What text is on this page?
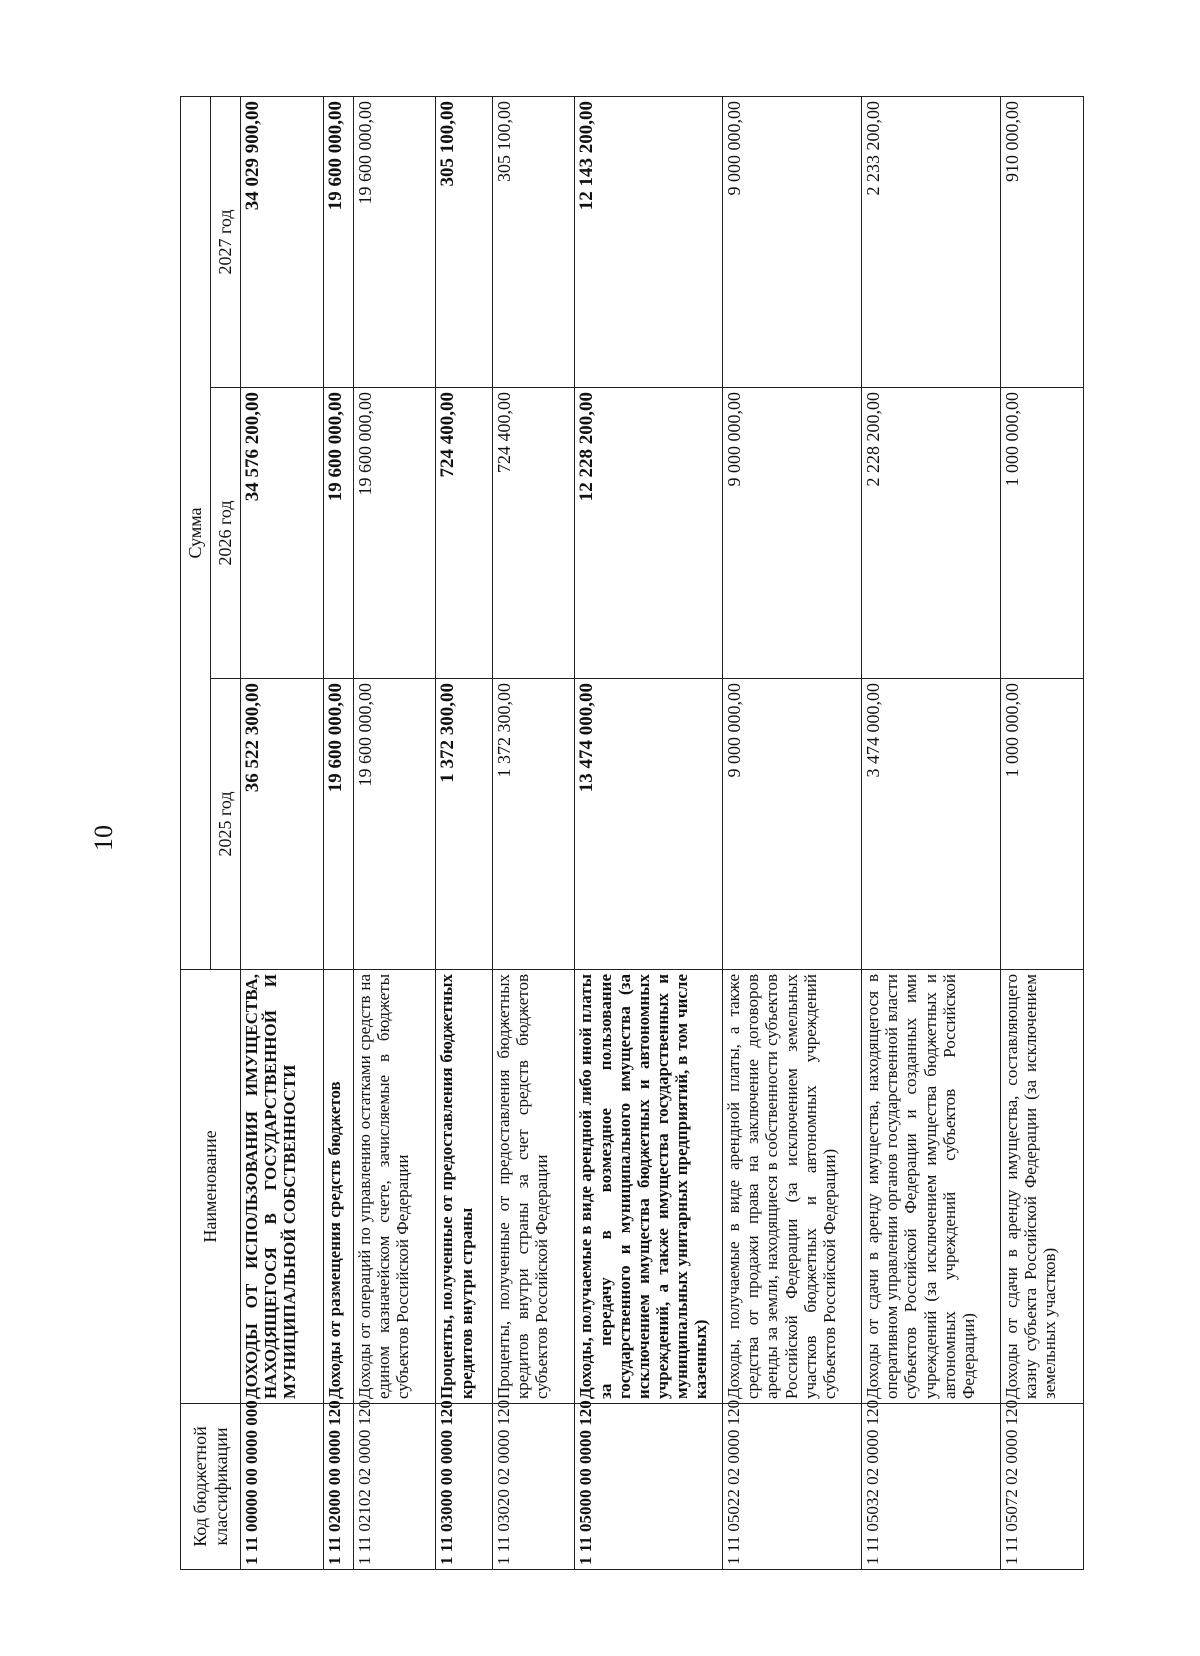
10
Код бюджетной классификации	Наименование	Сумма		
		2025 год	2026 год	2027 год
1 11 00000 00 0000 000	ДОХОДЫ ОТ ИСПОЛЬЗОВАНИЯ ИМУЩЕСТВА, НАХОДЯЩЕГОСЯ В ГОСУДАРСТВЕННОЙ И МУНИЦИПАЛЬНОЙ СОБСТВЕННОСТИ	36 522 300,00	34 576 200,00	34 029 900,00
1 11 02000 00 0000 120	Доходы от размещения средств бюджетов	19 600 000,00	19 600 000,00	19 600 000,00
1 11 02102 02 0000 120	Доходы от операций по управлению остатками средств на едином казначейском счете, зачисляемые в бюджеты субъектов Российской Федерации	19 600 000,00	19 600 000,00	19 600 000,00
1 11 03000 00 0000 120	Проценты, полученные от предоставления бюджетных кредитов внутри страны	1 372 300,00	724 400,00	305 100,00
1 11 03020 02 0000 120	Проценты, полученные от предоставления бюджетных кредитов внутри страны за счет средств бюджетов субъектов Российской Федерации	1 372 300,00	724 400,00	305 100,00
1 11 05000 00 0000 120	Доходы, получаемые в виде арендной либо иной платы за передачу в возмездное пользование государственного и муниципального имущества (за исключением имущества бюджетных и автономных учреждений, а также имущества государственных и муниципальных унитарных предприятий, в том числе казенных)	13 474 000,00	12 228 200,00	12 143 200,00
1 11 05022 02 0000 120	Доходы, получаемые в виде арендной платы, а также средства от продажи права на заключение договоров аренды за земли, находящиеся в собственности субъектов Российской Федерации (за исключением земельных участков бюджетных и автономных учреждений субъектов Российской Федерации)	9 000 000,00	9 000 000,00	9 000 000,00
1 11 05032 02 0000 120	Доходы от сдачи в аренду имущества, находящегося в оперативном управлении органов государственной власти субъектов Российской Федерации и созданных ими учреждений (за исключением имущества бюджетных и автономных учреждений субъектов Российской Федерации)	3 474 000,00	2 228 200,00	2 233 200,00
1 11 05072 02 0000 120	Доходы от сдачи в аренду имущества, составляющего казну субъекта Российской Федерации (за исключением земельных участков)	1 000 000,00	1 000 000,00	910 000,00
